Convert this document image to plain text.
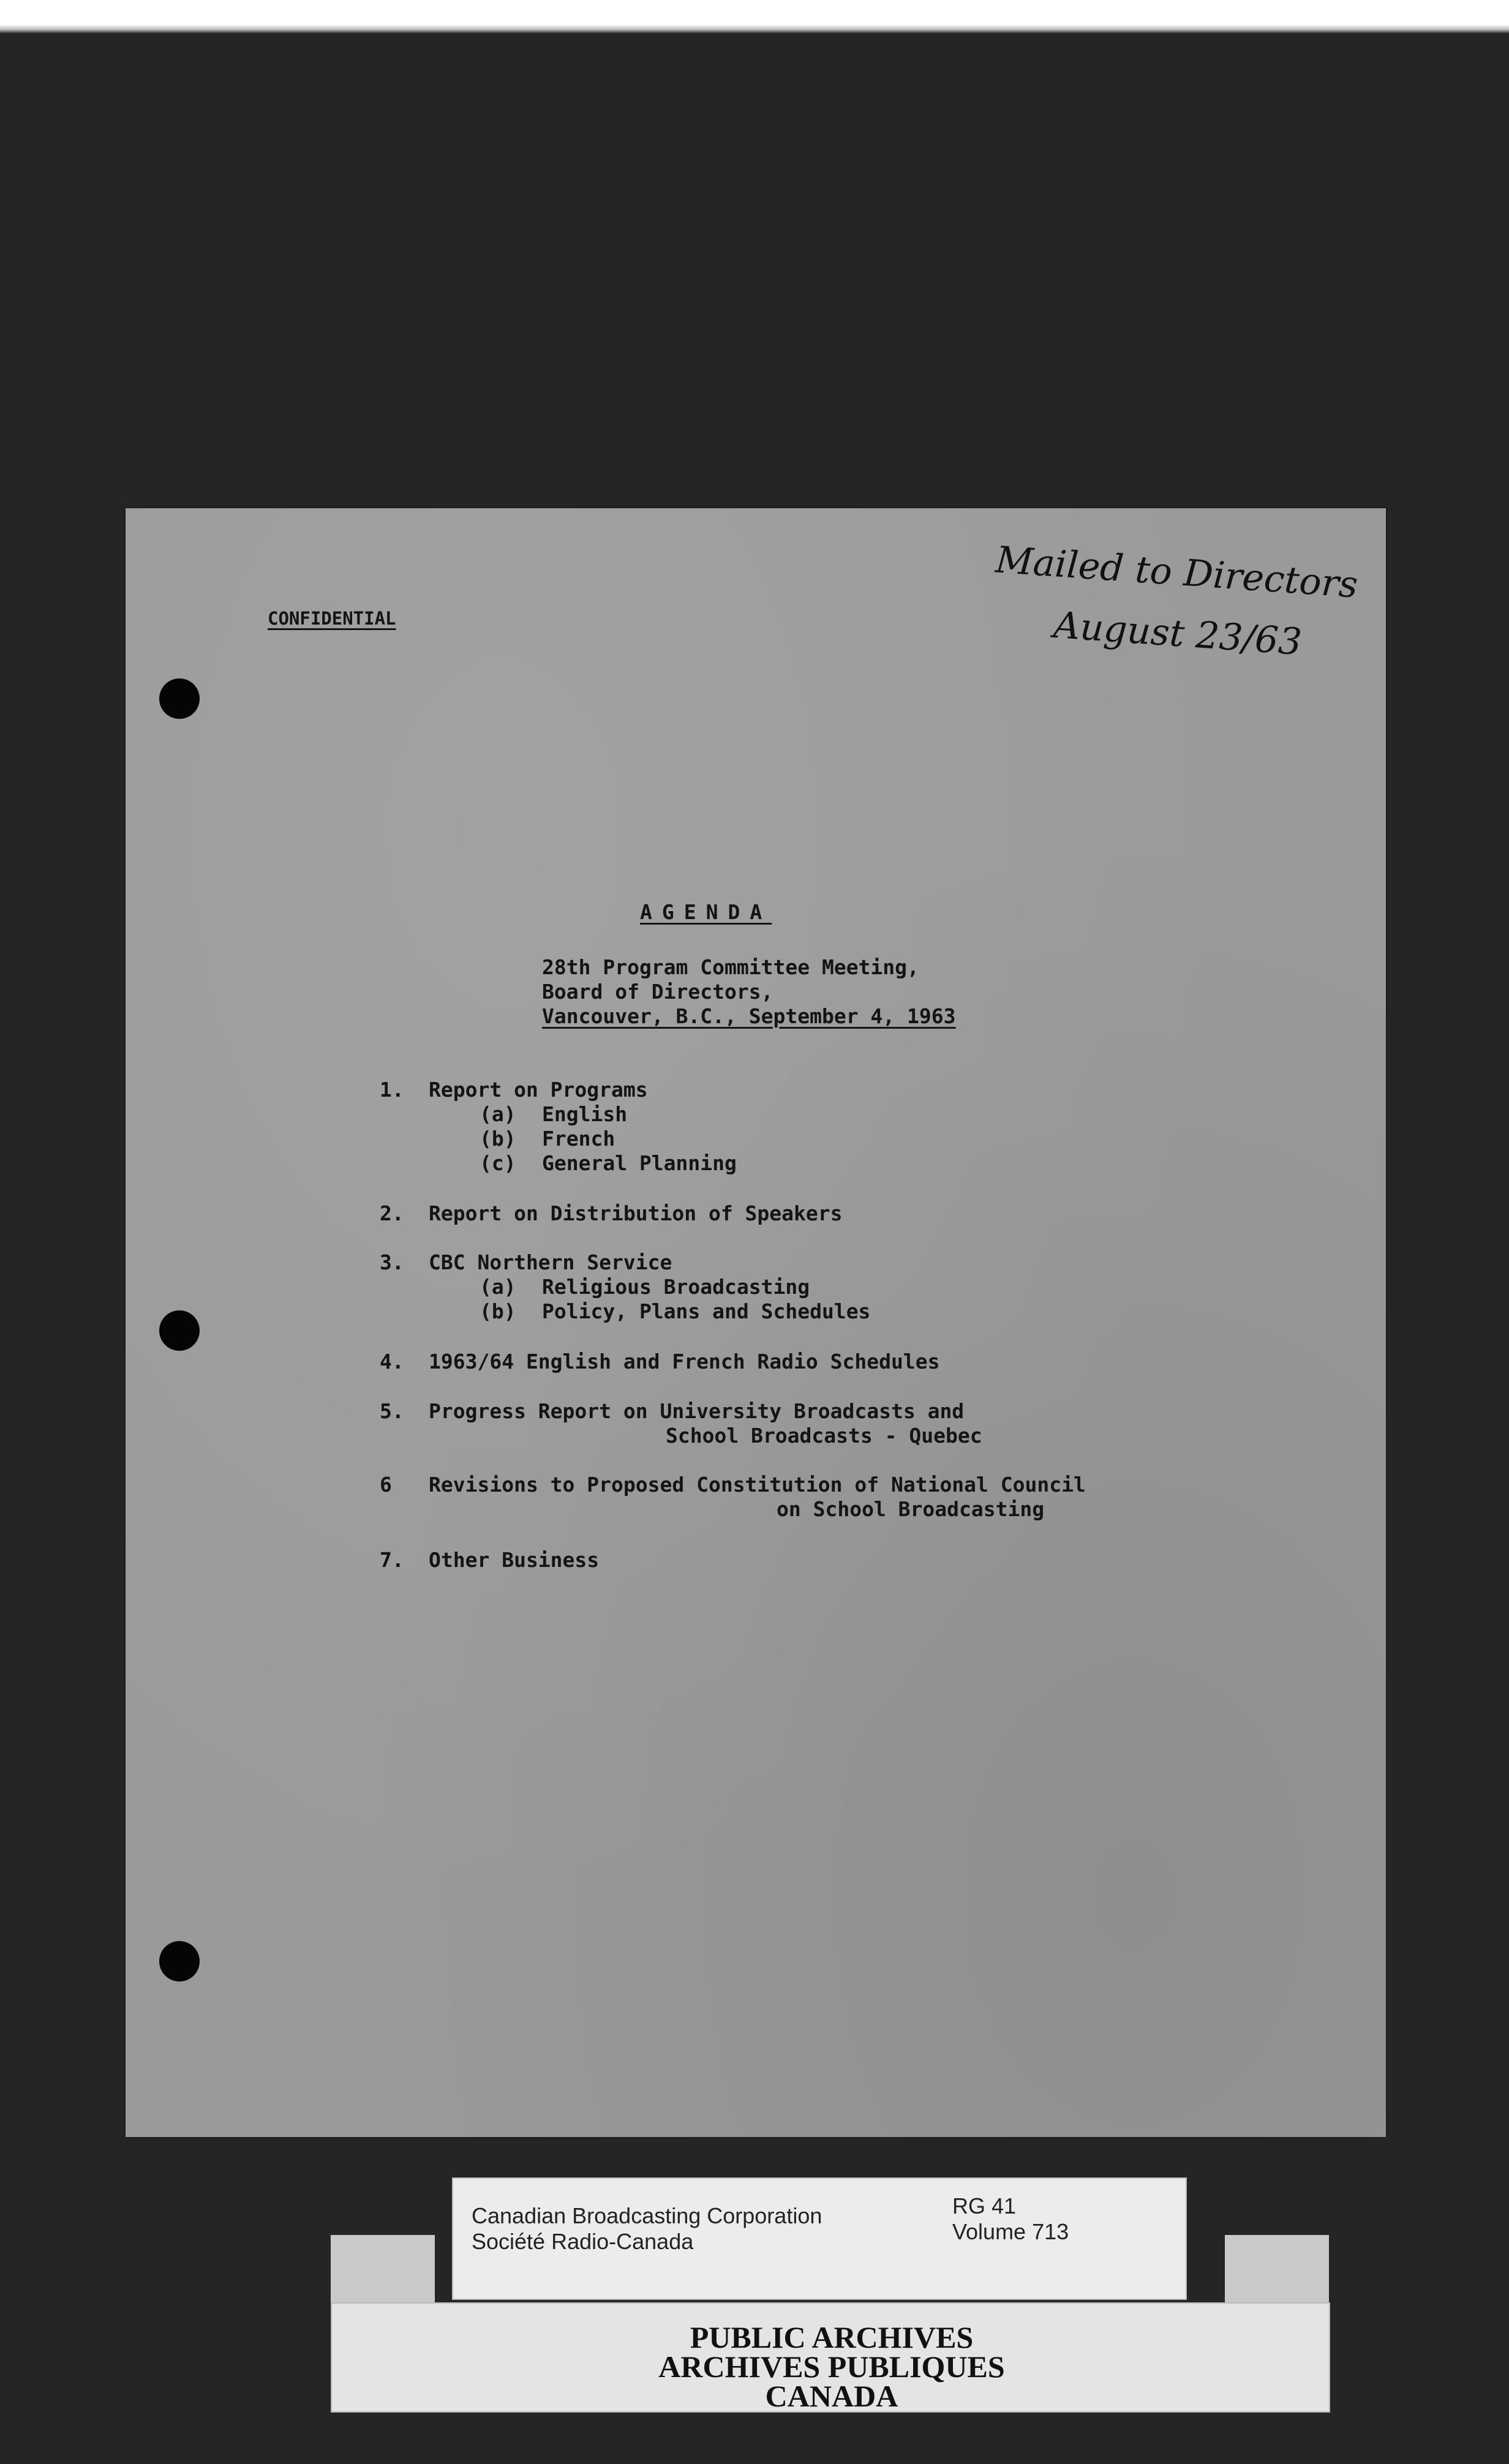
CONFIDENTIAL
Mailed to Directors
August 23/63
AGENDA
28th Program Committee Meeting,
Board of Directors,
Vancouver, B.C., September 4, 1963
1. Report on Programs
(a) English
(b) French
(c) General Planning
2. Report on Distribution of Speakers
3. CBC Northern Service
(a) Religious Broadcasting
(b) Policy, Plans and Schedules
4. 1963/64 English and French Radio Schedules
5. Progress Report on University Broadcasts and
School Broadcasts - Quebec
6 Revisions to Proposed Constitution of National Council
on School Broadcasting
7. Other Business
Canadian Broadcasting Corporation
Société Radio-Canada
RG 41
Volume 713
PUBLIC ARCHIVES
ARCHIVES PUBLIQUES
CANADA
